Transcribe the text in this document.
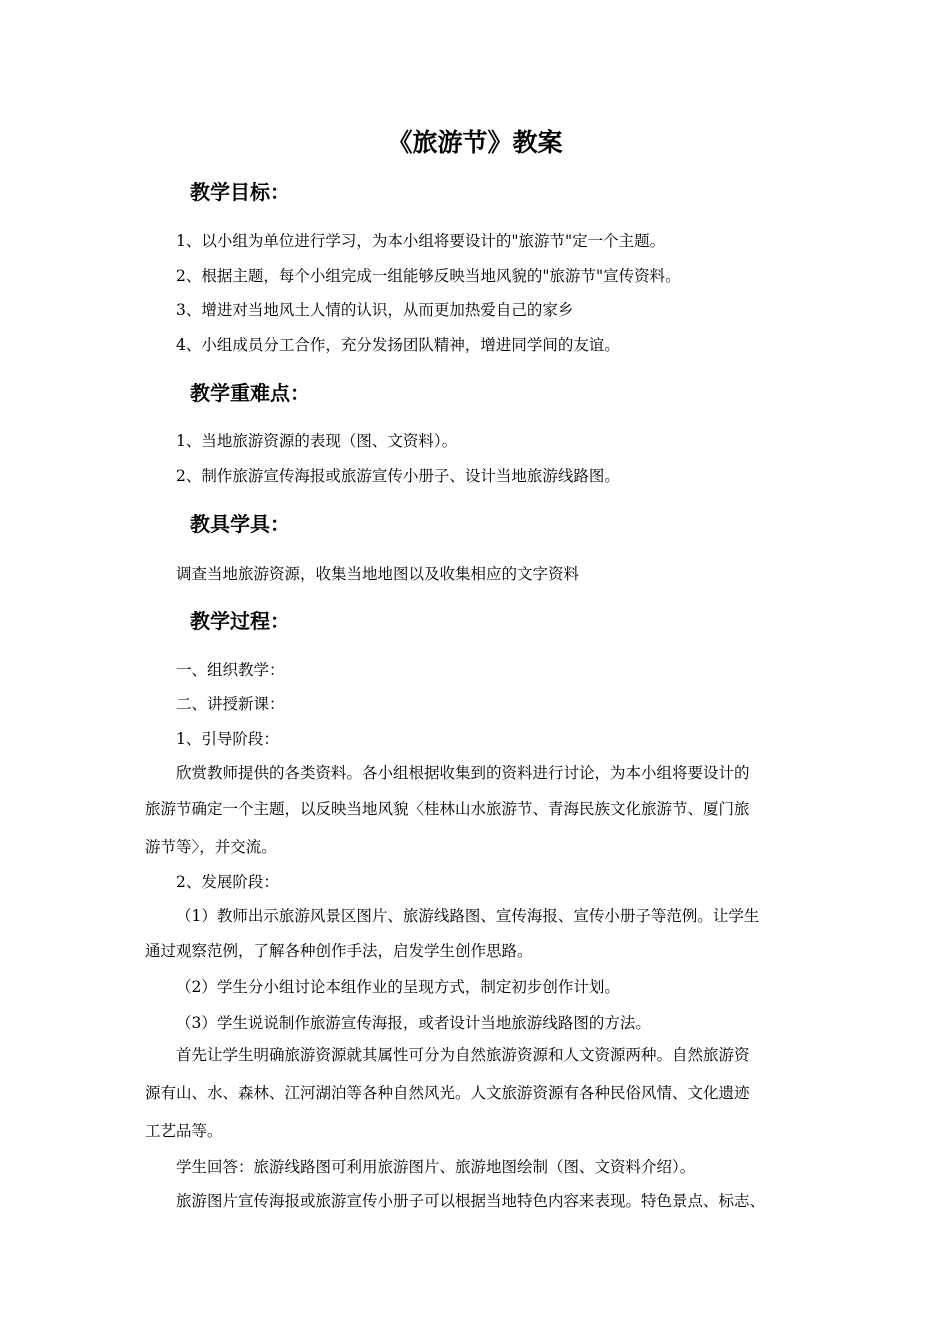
《旅游节》教案
教学目标：
1、以小组为单位进行学习，为本小组将要设计的"旅游节"定一个主题。
2、根据主题，每个小组完成一组能够反映当地风貌的"旅游节"宣传资料。
3、增进对当地风土人情的认识，从而更加热爱自己的家乡
4、小组成员分工合作，充分发扬团队精神，增进同学间的友谊。
教学重难点：
1、当地旅游资源的表现（图、文资料）。
2、制作旅游宣传海报或旅游宣传小册子、设计当地旅游线路图。
教具学具：
调查当地旅游资源，收集当地地图以及收集相应的文字资料
教学过程：
一、组织教学：
二、讲授新课：
1、引导阶段：
欣赏教师提供的各类资料。各小组根据收集到的资料进行讨论，为本小组将要设计的
旅游节确定一个主题，以反映当地风貌〈桂林山水旅游节、青海民族文化旅游节、厦门旅
游节等〉，并交流。
2、发展阶段：
（1）教师出示旅游风景区图片、旅游线路图、宣传海报、宣传小册子等范例。让学生
通过观察范例，了解各种创作手法，启发学生创作思路。
（2）学生分小组讨论本组作业的呈现方式，制定初步创作计划。
（3）学生说说制作旅游宣传海报，或者设计当地旅游线路图的方法。
首先让学生明确旅游资源就其属性可分为自然旅游资源和人文资源两种。自然旅游资
源有山、水、森林、江河湖泊等各种自然风光。人文旅游资源有各种民俗风情、文化遗迹
工艺品等。
学生回答：旅游线路图可利用旅游图片、旅游地图绘制（图、文资料介绍）。
旅游图片宣传海报或旅游宣传小册子可以根据当地特色内容来表现。特色景点、标志、
